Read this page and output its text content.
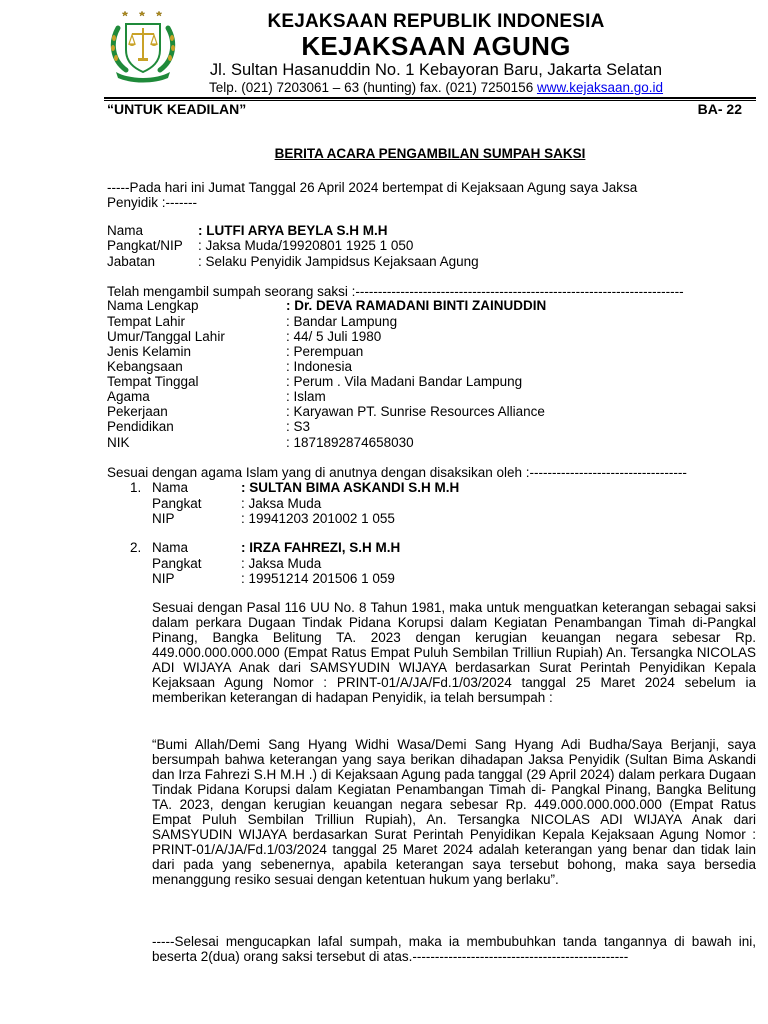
KEJAKSAAN REPUBLIK INDONESIA
KEJAKSAAN AGUNG
Jl. Sultan Hasanuddin No. 1 Kebayoran Baru, Jakarta Selatan
Telp. (021) 7203061 – 63 (hunting) fax. (021) 7250156 www.kejaksaan.go.id
“UNTUK KEADILAN”	BA- 22
BERITA ACARA PENGAMBILAN SUMPAH SAKSI
-----Pada hari ini Jumat Tanggal 26 April 2024 bertempat di Kejaksaan Agung saya Jaksa
Penyidik :-------
Nama	: LUTFI ARYA BEYLA S.H M.H
Pangkat/NIP : Jaksa Muda/19920801 1925 1 050
Jabatan	: Selaku Penyidik Jampidsus Kejaksaan Agung
Telah mengambil sumpah seorang saksi :-------------------------------------------------------------------------
Nama Lengkap	: Dr. DEVA RAMADANI BINTI ZAINUDDIN
Tempat Lahir	: Bandar Lampung
Umur/Tanggal Lahir	: 44/ 5 Juli 1980
Jenis Kelamin	: Perempuan
Kebangsaan	: Indonesia
Tempat Tinggal	: Perum . Vila Madani Bandar Lampung
Agama	: Islam
Pekerjaan	: Karyawan PT. Sunrise Resources Alliance
Pendidikan	: S3
NIK	: 1871892874658030
Sesuai dengan agama Islam yang di anutnya dengan disaksikan oleh :-----------------------------------
1. Nama	: SULTAN BIMA ASKANDI S.H M.H
Pangkat	: Jaksa Muda
NIP	: 19941203 201002 1 055
2. Nama	: IRZA FAHREZI, S.H M.H
Pangkat	: Jaksa Muda
NIP	: 19951214 201506 1 059
Sesuai dengan Pasal 116 UU No. 8 Tahun 1981, maka untuk menguatkan keterangan sebagai saksi dalam perkara Dugaan Tindak Pidana Korupsi dalam Kegiatan Penambangan Timah di-Pangkal Pinang, Bangka Belitung TA. 2023 dengan kerugian keuangan negara sebesar Rp. 449.000.000.000.000 (Empat Ratus Empat Puluh Sembilan Trilliun Rupiah) An. Tersangka NICOLAS ADI WIJAYA Anak dari SAMSYUDIN WIJAYA berdasarkan Surat Perintah Penyidikan Kepala Kejaksaan Agung Nomor : PRINT-01/A/JA/Fd.1/03/2024 tanggal 25 Maret 2024 sebelum ia memberikan keterangan di hadapan Penyidik, ia telah bersumpah :
“Bumi Allah/Demi Sang Hyang Widhi Wasa/Demi Sang Hyang Adi Budha/Saya Berjanji, saya bersumpah bahwa keterangan yang saya berikan dihadapan Jaksa Penyidik (Sultan Bima Askandi dan Irza Fahrezi S.H M.H .) di Kejaksaan Agung pada tanggal (29 April 2024) dalam perkara Dugaan Tindak Pidana Korupsi dalam Kegiatan Penambangan Timah di- Pangkal Pinang, Bangka Belitung TA. 2023, dengan kerugian keuangan negara sebesar Rp. 449.000.000.000.000 (Empat Ratus Empat Puluh Sembilan Trilliun Rupiah), An. Tersangka NICOLAS ADI WIJAYA Anak dari SAMSYUDIN WIJAYA berdasarkan Surat Perintah Penyidikan Kepala Kejaksaan Agung Nomor : PRINT-01/A/JA/Fd.1/03/2024 tanggal 25 Maret 2024 adalah keterangan yang benar dan tidak lain dari pada yang sebenernya, apabila keterangan saya tersebut bohong, maka saya bersedia menanggung resiko sesuai dengan ketentuan hukum yang berlaku”.
-----Selesai mengucapkan lafal sumpah, maka ia membubuhkan tanda tangannya di bawah ini, beserta 2(dua) orang saksi tersebut di atas.------------------------------------------------
